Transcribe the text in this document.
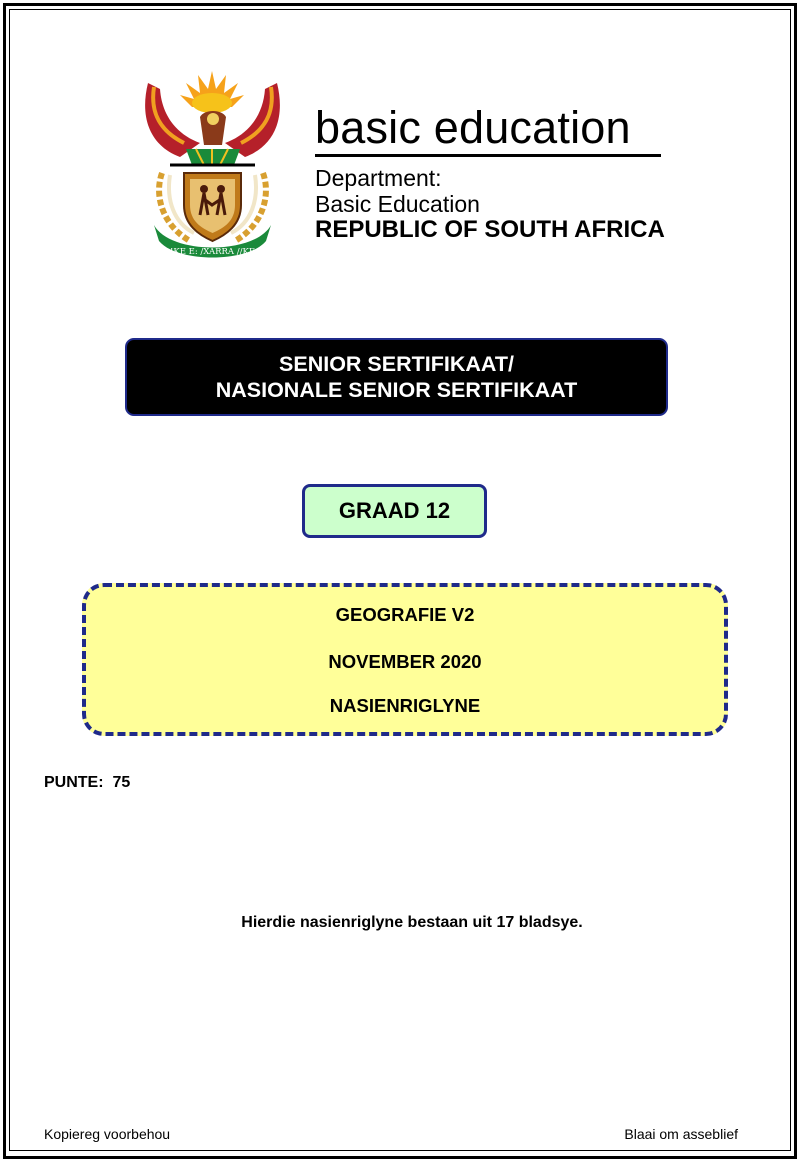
!KE E: /XARRA //KE
basic education
Department:
Basic Education
REPUBLIC OF SOUTH AFRICA
SENIOR SERTIFIKAAT/
NASIONALE SENIOR SERTIFIKAAT
GRAAD 12
GEOGRAFIE V2
NOVEMBER 2020
NASIENRIGLYNE
PUNTE:  75
Hierdie nasienriglyne bestaan uit 17 bladsye.
Kopiereg voorbehou	Blaai om asseblief
